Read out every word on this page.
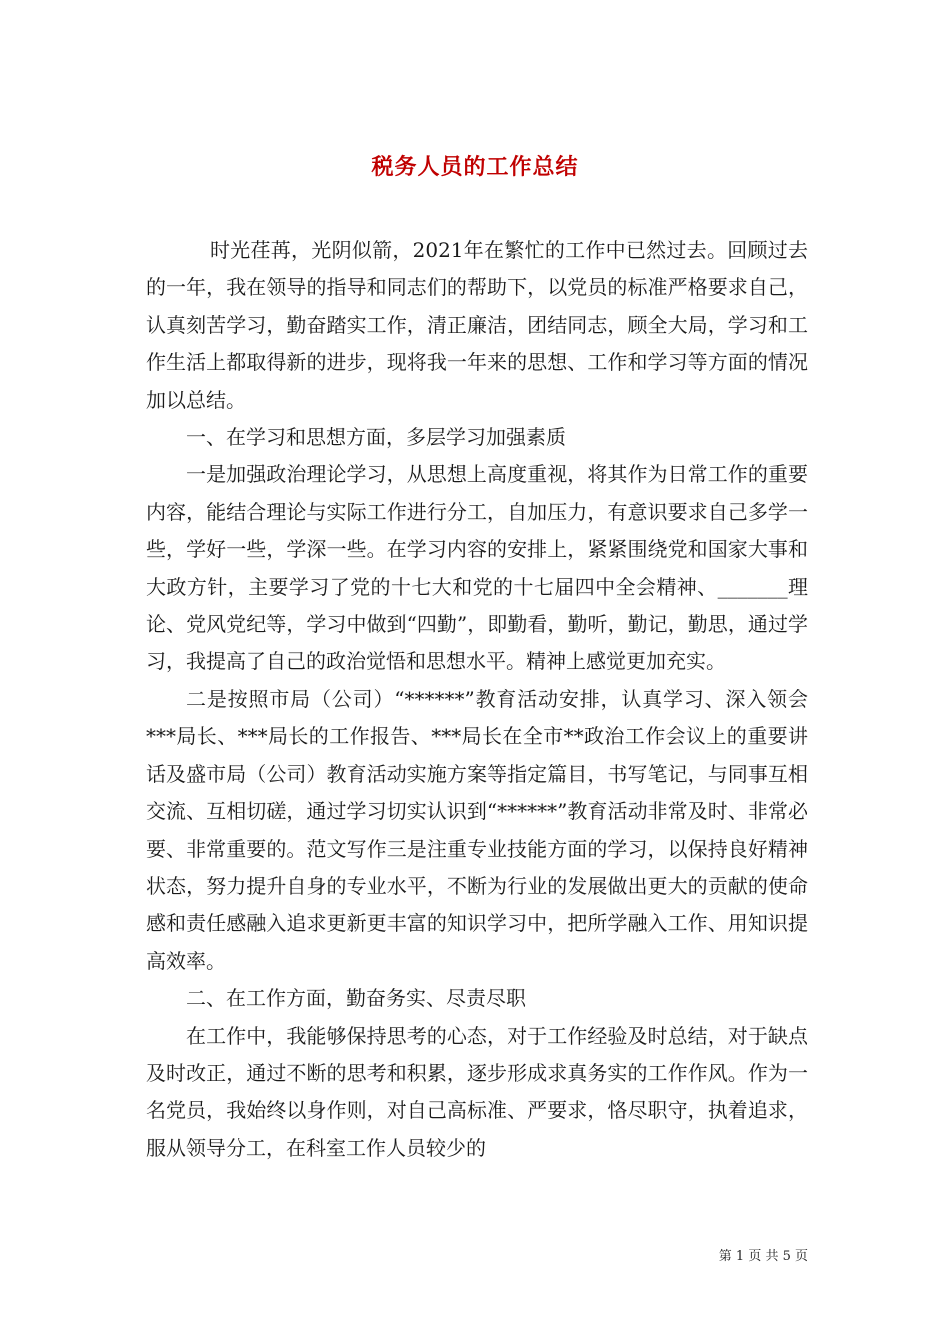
税务人员的工作总结

时光荏苒，光阴似箭，2021年在繁忙的工作中已然过去。回顾过去的一年，我在领导的指导和同志们的帮助下，以党员的标准严格要求自己，认真刻苦学习，勤奋踏实工作，清正廉洁，团结同志，顾全大局，学习和工作生活上都取得新的进步，现将我一年来的思想、工作和学习等方面的情况加以总结。

一、在学习和思想方面，多层学习加强素质

一是加强政治理论学习，从思想上高度重视，将其作为日常工作的重要内容，能结合理论与实际工作进行分工，自加压力，有意识要求自己多学一些，学好一些，学深一些。在学习内容的安排上，紧紧围绕党和国家大事和大政方针，主要学习了党的十七大和党的十七届四中全会精神、_______理论、党风党纪等，学习中做到“四勤”，即勤看，勤听，勤记，勤思，通过学习，我提高了自己的政治觉悟和思想水平。精神上感觉更加充实。

二是按照市局（公司）“******”教育活动安排，认真学习、深入领会***局长、***局长的工作报告、***局长在全市**政治工作会议上的重要讲话及盛市局（公司）教育活动实施方案等指定篇目，书写笔记，与同事互相交流、互相切磋，通过学习切实认识到“******”教育活动非常及时、非常必要、非常重要的。范文写作三是注重专业技能方面的学习，以保持良好精神状态，努力提升自身的专业水平，不断为行业的发展做出更大的贡献的使命感和责任感融入追求更新更丰富的知识学习中，把所学融入工作、用知识提高效率。

二、在工作方面，勤奋务实、尽责尽职

在工作中，我能够保持思考的心态，对于工作经验及时总结，对于缺点及时改正，通过不断的思考和积累，逐步形成求真务实的工作作风。作为一名党员，我始终以身作则，对自己高标准、严要求，恪尽职守，执着追求，服从领导分工，在科室工作人员较少的

第 1 页 共 5 页
